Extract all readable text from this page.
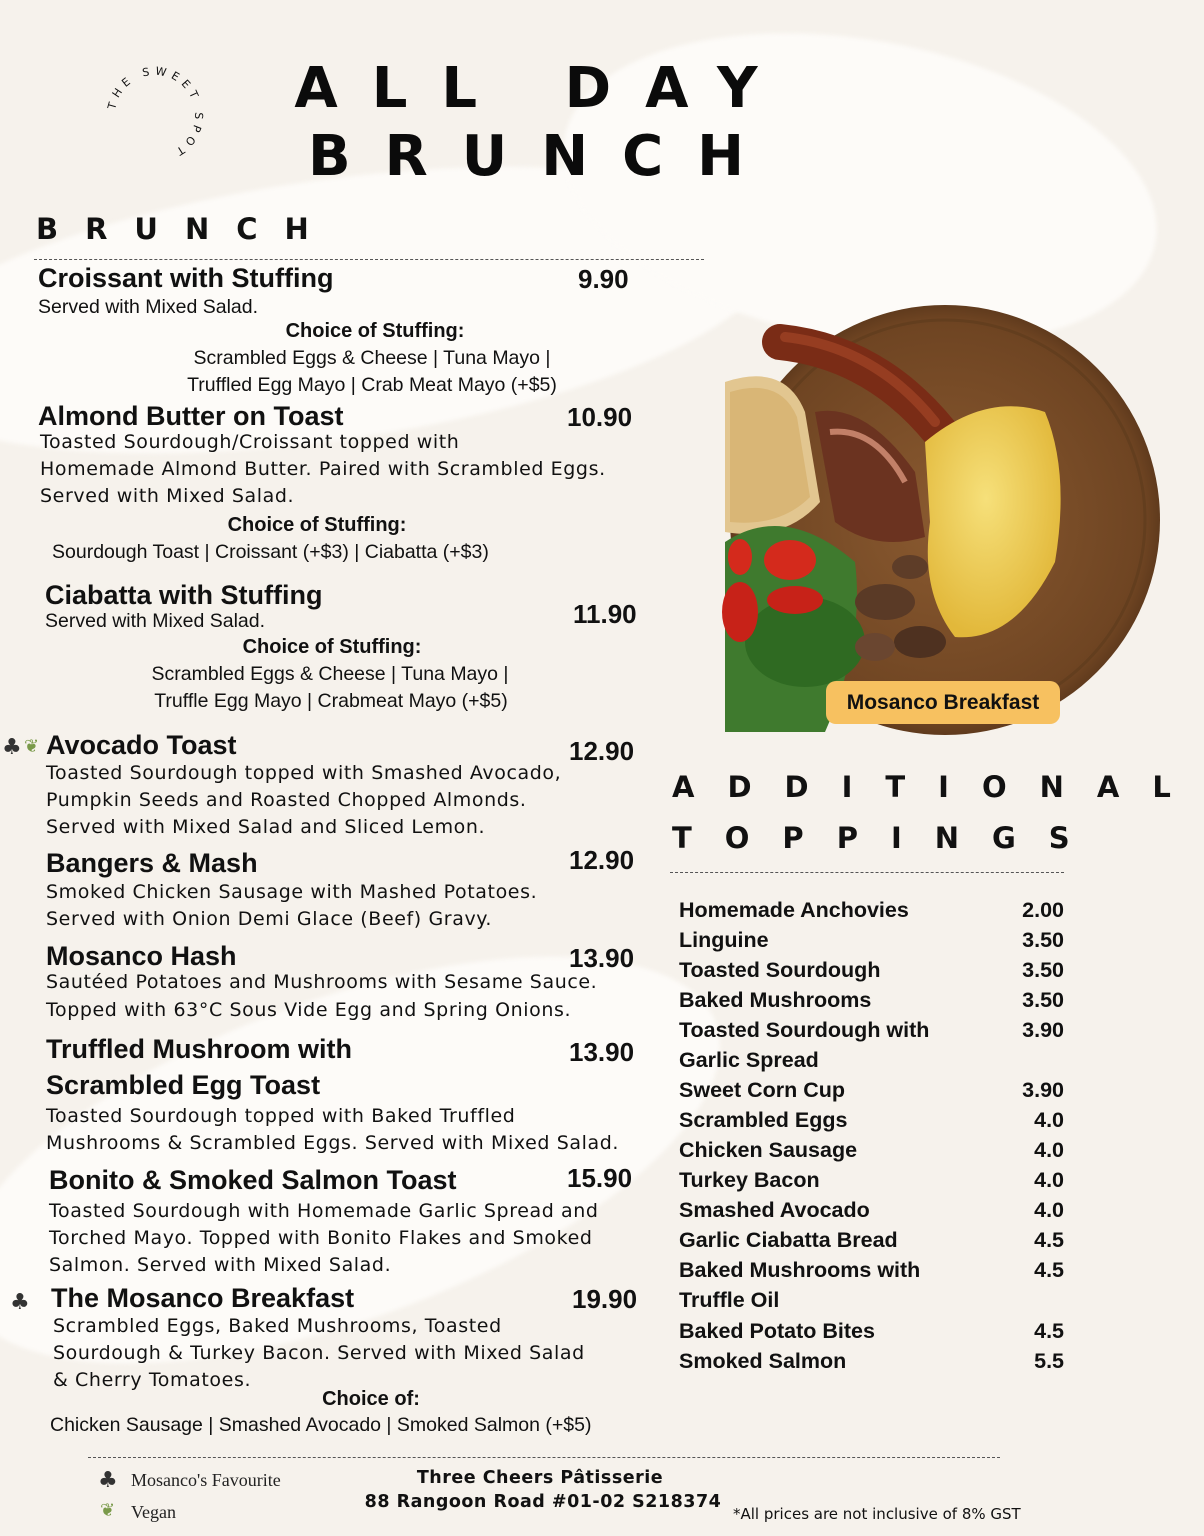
THE SWEET SPOT
ALL DAY
BRUNCH
BRUNCH
Croissant with Stuffing	9.90
Served with Mixed Salad.
Choice of Stuffing:
Scrambled Eggs & Cheese | Tuna Mayo |
Truffled Egg Mayo | Crab Meat Mayo (+$5)
Almond Butter on Toast	10.90
Toasted Sourdough/Croissant topped with
Homemade Almond Butter. Paired with Scrambled Eggs.
Served with Mixed Salad.
Choice of Stuffing:
Sourdough Toast | Croissant (+$3) | Ciabatta (+$3)
Ciabatta with Stuffing
11.90
Served with Mixed Salad.
Choice of Stuffing:
Scrambled Eggs & Cheese | Tuna Mayo |
Truffle Egg Mayo | Crabmeat Mayo (+$5)
♣ ❦ Avocado Toast	12.90
Toasted Sourdough topped with Smashed Avocado,
Pumpkin Seeds and Roasted Chopped Almonds.
Served with Mixed Salad and Sliced Lemon.
Bangers & Mash	12.90
Smoked Chicken Sausage with Mashed Potatoes.
Served with Onion Demi Glace (Beef) Gravy.
Mosanco Hash	13.90
Sautéed Potatoes and Mushrooms with Sesame Sauce.
Topped with 63°C Sous Vide Egg and Spring Onions.
Truffled Mushroom with
Scrambled Egg Toast
13.90
Toasted Sourdough topped with Baked Truffled
Mushrooms & Scrambled Eggs. Served with Mixed Salad.
Bonito & Smoked Salmon Toast	15.90
Toasted Sourdough with Homemade Garlic Spread and
Torched Mayo. Topped with Bonito Flakes and Smoked
Salmon. Served with Mixed Salad.
♣ The Mosanco Breakfast	19.90
Scrambled Eggs, Baked Mushrooms, Toasted
Sourdough & Turkey Bacon. Served with Mixed Salad
& Cherry Tomatoes.
Choice of:
Chicken Sausage | Smashed Avocado | Smoked Salmon (+$5)
Mosanco Breakfast
ADDITIONAL
TOPPINGS
Homemade Anchovies	2.00
Linguine	3.50
Toasted Sourdough	3.50
Baked Mushrooms	3.50
Toasted Sourdough with	3.90
Garlic Spread
Sweet Corn Cup	3.90
Scrambled Eggs	4.0
Chicken Sausage	4.0
Turkey Bacon	4.0
Smashed Avocado	4.0
Garlic Ciabatta Bread	4.5
Baked Mushrooms with	4.5
Truffle Oil
Baked Potato Bites	4.5
Smoked Salmon	5.5
♣ Mosanco's Favourite
❦ Vegan
Three Cheers Pâtisserie
88 Rangoon Road #01-02 S218374
*All prices are not inclusive of 8% GST
